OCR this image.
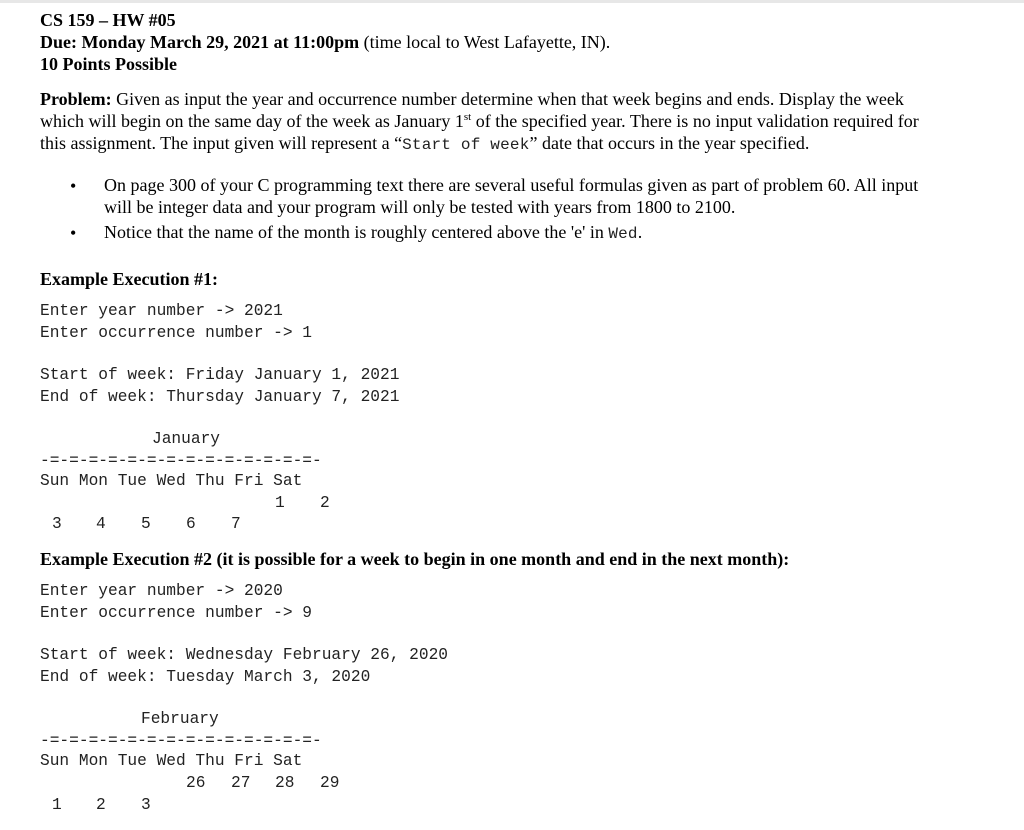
CS 159 – HW #05

Due: Monday March 29, 2021 at 11:00pm (time local to West Lafayette, IN).

10 Points Possible

Problem: Given as input the year and occurrence number determine when that week begins and ends. Display the week

which will begin on the same day of the week as January 1st of the specified year. There is no input validation required for

this assignment. The input given will represent a “Start of week” date that occurs in the year specified.

• On page 300 of your C programming text there are several useful formulas given as part of problem 60. All input

will be integer data and your program will only be tested with years from 1800 to 2100.

• Notice that the name of the month is roughly centered above the 'e' in Wed.

Example Execution #1:

Enter year number -> 2021
Enter occurrence number -> 1
Start of week: Friday January 1, 2021
End of week: Thursday January 7, 2021
January
-=-=-=-=-=-=-=-=-=-=-=-=-=-=-
Sun Mon Tue Wed Thu Fri Sat
1 2
3 4 5 6 7

Example Execution #2 (it is possible for a week to begin in one month and end in the next month):

Enter year number -> 2020
Enter occurrence number -> 9
Start of week: Wednesday February 26, 2020
End of week: Tuesday March 3, 2020
February
-=-=-=-=-=-=-=-=-=-=-=-=-=-=-
Sun Mon Tue Wed Thu Fri Sat
26 27 28 29
1 2 3
